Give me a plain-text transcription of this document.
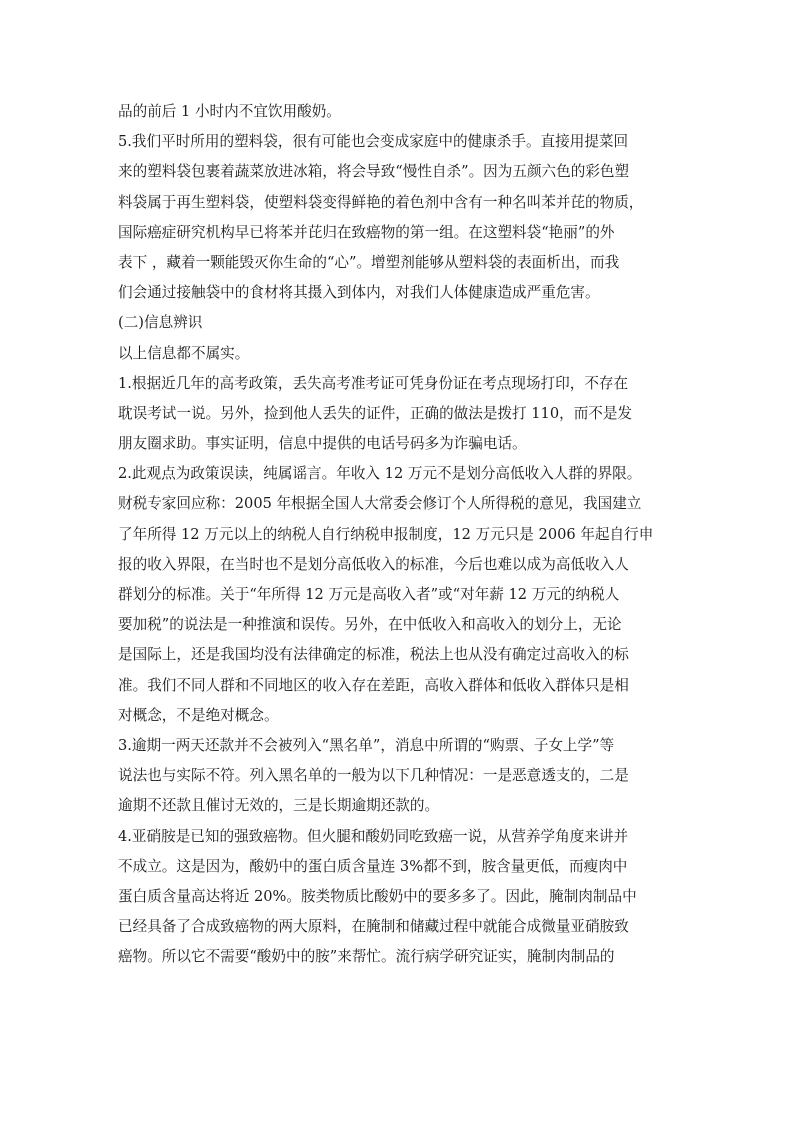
品的前后 1 小时内不宜饮用酸奶。
5.我们平时所用的塑料袋，很有可能也会变成家庭中的健康杀手。直接用提菜回
来的塑料袋包裹着蔬菜放进冰箱，将会导致“慢性自杀”。因为五颜六色的彩色塑
料袋属于再生塑料袋，使塑料袋变得鲜艳的着色剂中含有一种名叫苯并芘的物质，
国际癌症研究机构早已将苯并芘归在致癌物的第一组。在这塑料袋“艳丽”的外
表下 ，藏着一颗能毁灭你生命的“心”。增塑剂能够从塑料袋的表面析出，而我
们会通过接触袋中的食材将其摄入到体内，对我们人体健康造成严重危害。
(二)信息辨识
以上信息都不属实。
1.根据近几年的高考政策，丢失高考准考证可凭身份证在考点现场打印，不存在
耽误考试一说。另外，捡到他人丢失的证件，正确的做法是拨打 110，而不是发
朋友圈求助。事实证明，信息中提供的电话号码多为诈骗电话。
2.此观点为政策误读，纯属谣言。年收入 12 万元不是划分高低收入人群的界限。
财税专家回应称：2005 年根据全国人大常委会修订个人所得税的意见，我国建立
了年所得 12 万元以上的纳税人自行纳税申报制度，12 万元只是 2006 年起自行申
报的收入界限，在当时也不是划分高低收入的标准，今后也难以成为高低收入人
群划分的标准。关于“年所得 12 万元是高收入者”或“对年薪 12 万元的纳税人
要加税”的说法是一种推演和误传。另外，在中低收入和高收入的划分上，无论
是国际上，还是我国均没有法律确定的标准，税法上也从没有确定过高收入的标
准。我们不同人群和不同地区的收入存在差距，高收入群体和低收入群体只是相
对概念，不是绝对概念。
3.逾期一两天还款并不会被列入“黑名单”，消息中所谓的“购票、子女上学”等
说法也与实际不符。列入黑名单的一般为以下几种情况：一是恶意透支的，二是
逾期不还款且催讨无效的，三是长期逾期还款的。
4.亚硝胺是已知的强致癌物。但火腿和酸奶同吃致癌一说，从营养学角度来讲并
不成立。这是因为，酸奶中的蛋白质含量连 3%都不到，胺含量更低，而瘦肉中
蛋白质含量高达将近 20%。胺类物质比酸奶中的要多多了。因此，腌制肉制品中
已经具备了合成致癌物的两大原料，在腌制和储藏过程中就能合成微量亚硝胺致
癌物。所以它不需要“酸奶中的胺”来帮忙。流行病学研究证实，腌制肉制品的
